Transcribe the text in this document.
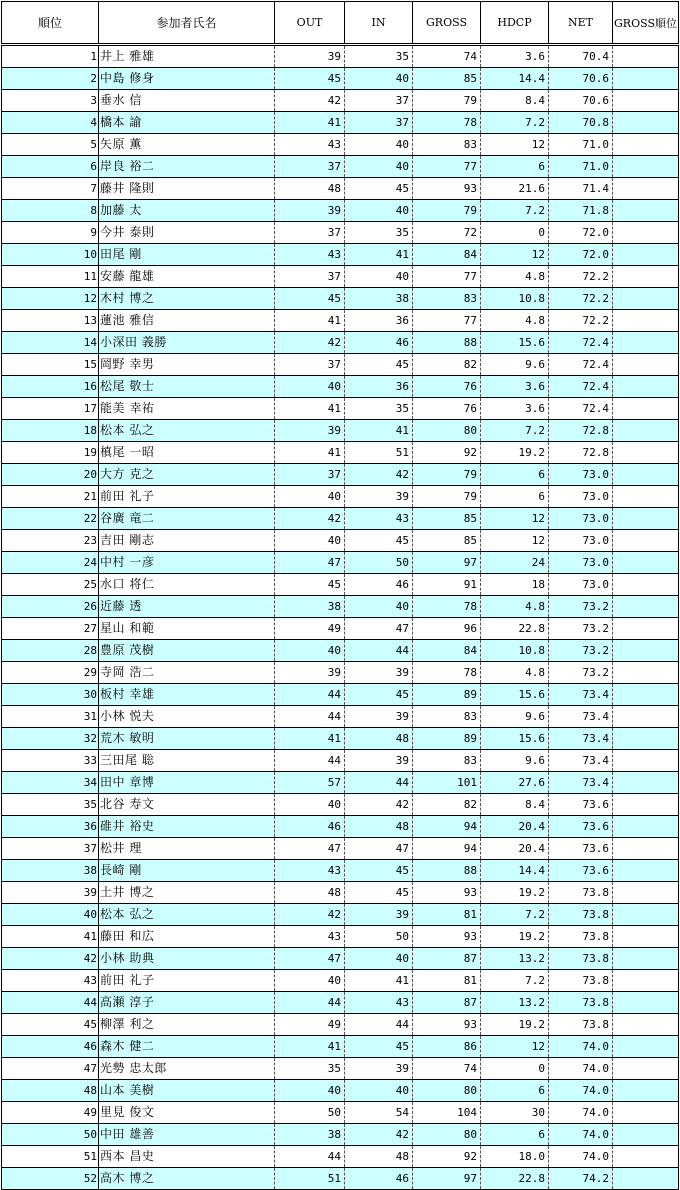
順位	参加者氏名	OUT	IN	GROSS	HDCP	NET	GROSS順位
1	井上 雅雄	39	35	74	3.6	70.4	
2	中島 修身	45	40	85	14.4	70.6	
3	垂水 信	42	37	79	8.4	70.6	
4	橋本 諭	41	37	78	7.2	70.8	
5	矢原 薫	43	40	83	12	71.0	
6	岸良 裕二	37	40	77	6	71.0	
7	藤井 隆則	48	45	93	21.6	71.4	
8	加藤 太	39	40	79	7.2	71.8	
9	今井 泰則	37	35	72	0	72.0	
10	田尾 剛	43	41	84	12	72.0	
11	安藤 龍雄	37	40	77	4.8	72.2	
12	木村 博之	45	38	83	10.8	72.2	
13	蓮池 雅信	41	36	77	4.8	72.2	
14	小深田 義勝	42	46	88	15.6	72.4	
15	岡野 幸男	37	45	82	9.6	72.4	
16	松尾 敬士	40	36	76	3.6	72.4	
17	能美 幸祐	41	35	76	3.6	72.4	
18	松本 弘之	39	41	80	7.2	72.8	
19	槙尾 一昭	41	51	92	19.2	72.8	
20	大方 克之	37	42	79	6	73.0	
21	前田 礼子	40	39	79	6	73.0	
22	谷廣 竜二	42	43	85	12	73.0	
23	吉田 剛志	40	45	85	12	73.0	
24	中村 一彦	47	50	97	24	73.0	
25	水口 将仁	45	46	91	18	73.0	
26	近藤 透	38	40	78	4.8	73.2	
27	星山 和範	49	47	96	22.8	73.2	
28	豊原 茂樹	40	44	84	10.8	73.2	
29	寺岡 浩二	39	39	78	4.8	73.2	
30	板村 幸雄	44	45	89	15.6	73.4	
31	小林 悦夫	44	39	83	9.6	73.4	
32	荒木 敏明	41	48	89	15.6	73.4	
33	三田尾 聡	44	39	83	9.6	73.4	
34	田中 章博	57	44	101	27.6	73.4	
35	北谷 寿文	40	42	82	8.4	73.6	
36	碓井 裕史	46	48	94	20.4	73.6	
37	松井 理	47	47	94	20.4	73.6	
38	長崎 剛	43	45	88	14.4	73.6	
39	土井 博之	48	45	93	19.2	73.8	
40	松本 弘之	42	39	81	7.2	73.8	
41	藤田 和広	43	50	93	19.2	73.8	
42	小林 助典	47	40	87	13.2	73.8	
43	前田 礼子	40	41	81	7.2	73.8	
44	高瀬 淳子	44	43	87	13.2	73.8	
45	柳澤 利之	49	44	93	19.2	73.8	
46	森木 健二	41	45	86	12	74.0	
47	光勢 忠太郎	35	39	74	0	74.0	
48	山本 美樹	40	40	80	6	74.0	
49	里見 俊文	50	54	104	30	74.0	
50	中田 雄善	38	42	80	6	74.0	
51	西本 昌史	44	48	92	18.0	74.0	
52	高木 博之	51	46	97	22.8	74.2	
